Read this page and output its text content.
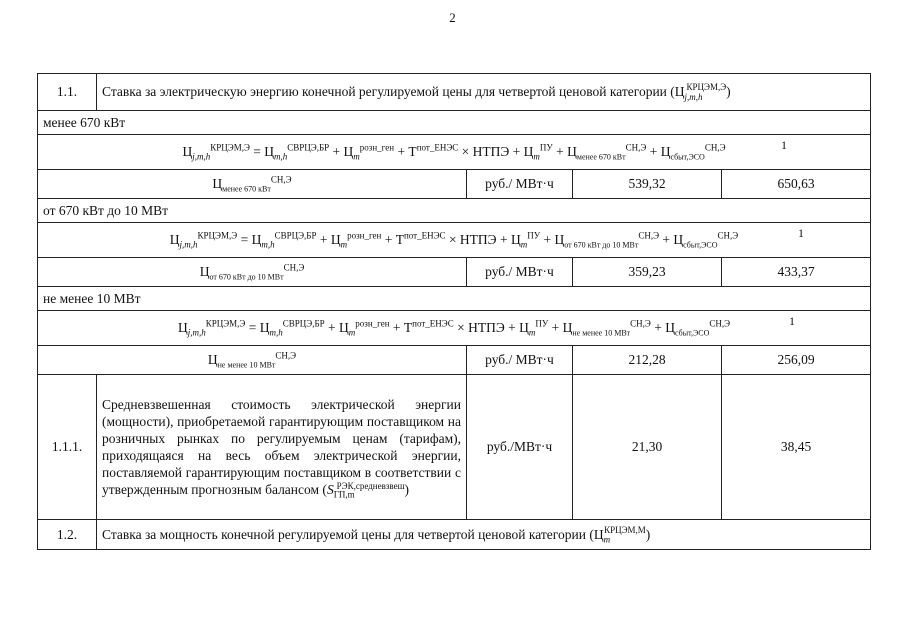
2
1.1.	Ставка за электрическую энергию конечной регулируемой цены для четвертой ценовой категории $(Ц_{j,m,h}^{КРЦЭМ,Э})$			
менее 670 кВт				
$Ц_{j,m,h}^{КРЦЭМ,Э} = Ц_{m,h}^{СВРЦЭ,БР} + Ц_m^{розн\_ген} + Т^{пот\_ЕНЭС}$ × НТПЭ + $Ц_m^{ПУ} + Ц_{менее 670 кВт}^{СН,Э} + Ц_{сбыт,ЭСО}^{СН,Э}$ 1				

$Ц_{менее 670 кВт}^{СН,Э}$		руб./ МВт·ч	539,32	650,63
от 670 кВт до 10 МВт				
$Ц_{j,m,h}^{КРЦЭМ,Э} = Ц_{m,h}^{СВРЦЭ,БР} + Ц_m^{розн\_ген} + Т^{пот\_ЕНЭС}$ × НТПЭ + $Ц_m^{ПУ} + Ц_{от 670 кВт до 10 МВт}^{СН,Э} + Ц_{сбыт,ЭСО}^{СН,Э}$ 1				

$Ц_{от 670 кВт до 10 МВт}^{СН,Э}$		руб./ МВт·ч	359,23	433,37
не менее 10 МВт				
$Ц_{j,m,h}^{КРЦЭМ,Э} = Ц_{m,h}^{СВРЦЭ,БР} + Ц_m^{розн\_ген} + Т^{пот\_ЕНЭС}$ × НТПЭ + $Ц_m^{ПУ} + Ц_{не менее 10 МВт}^{СН,Э} + Ц_{сбыт,ЭСО}^{СН,Э}$ 1				

$Ц_{не менее 10 МВт}^{СН,Э}$		руб./ МВт·ч	212,28	256,09
1.1.1.	Средневзвешенная стоимость электрической энергии (мощности), приобретаемой гарантирующим поставщиком на розничных рынках по регулируемым ценам (тарифам), приходящаяся на весь объем электрической энергии, поставляемой гарантирующим поставщиком в соответствии с утвержденным прогнозным балансом $(S_{ГП,m}^{РЭК,средневзвеш})$	руб./МВт·ч	21,30	38,45
1.2.	Ставка за мощность конечной регулируемой цены для четвертой ценовой категории $(Ц_m^{КРЦЭМ,М})$			
